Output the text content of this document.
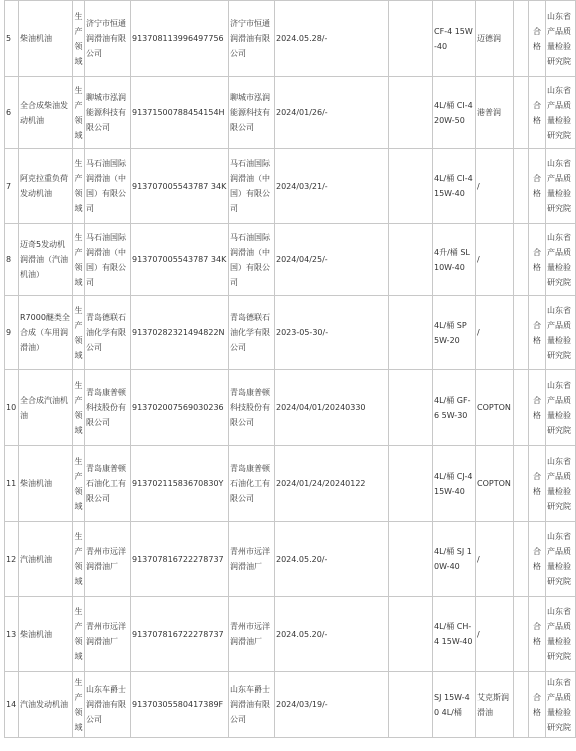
5	柴油机油	生产领域	济宁市恒通润滑油有限公司	913708113996497756	济宁市恒通润滑油有限公司	2024.05.28/-		CF-4 15W-40	迈德润		合格	山东省产品质量检验研究院
6	全合成柴油发动机油	生产领域	聊城市泓润能源科技有限公司	91371500788454154H	聊城市泓润能源科技有限公司	2024/01/26/-		4L/桶 CI-4 20W-50	港普润		合格	山东省产品质量检验研究院
7	阿克拉重负荷发动机油	生产领域	马石油国际润滑油（中国）有限公司	913707005543787 34K	马石油国际润滑油（中国）有限公司	2024/03/21/-		4L/桶 CI-4 15W-40	/		合格	山东省产品质量检验研究院
8	迈奇5发动机润滑油（汽油机油）	生产领域	马石油国际润滑油（中国）有限公司	913707005543787 34K	马石油国际润滑油（中国）有限公司	2024/04/25/-		4升/桶 SL 10W-40	/		合格	山东省产品质量检验研究院
9	R7000醚类全合成（车用润滑油）	生产领域	青岛德联石油化学有限公司	91370282321494822N	青岛德联石油化学有限公司	2023-05-30/-		4L/桶 SP 5W-20	/		合格	山东省产品质量检验研究院
10	全合成汽油机油	生产领域	青岛康普顿科技股份有限公司	913702007569030236	青岛康普顿科技股份有限公司	2024/04/01/20240330		4L/桶 GF-6 5W-30	COPTON		合格	山东省产品质量检验研究院
11	柴油机油	生产领域	青岛康普顿石油化工有限公司	91370211583670830Y	青岛康普顿石油化工有限公司	2024/01/24/20240122		4L/桶 CJ-4 15W-40	COPTON		合格	山东省产品质量检验研究院
12	汽油机油	生产领域	青州市远洋润滑油厂	913707816722278737	青州市远洋润滑油厂	2024.05.20/-		4L/桶 SJ 10W-40	/		合格	山东省产品质量检验研究院
13	柴油机油	生产领域	青州市远洋润滑油厂	913707816722278737	青州市远洋润滑油厂	2024.05.20/-		4L/桶 CH-4 15W-40	/		合格	山东省产品质量检验研究院
14	汽油发动机油	生产领域	山东车爵士润滑油有限公司	91370305580417389F	山东车爵士润滑油有限公司	2024/03/19/-		SJ 15W-40 4L/桶	艾克斯润滑油		合格	山东省产品质量检验研究院
